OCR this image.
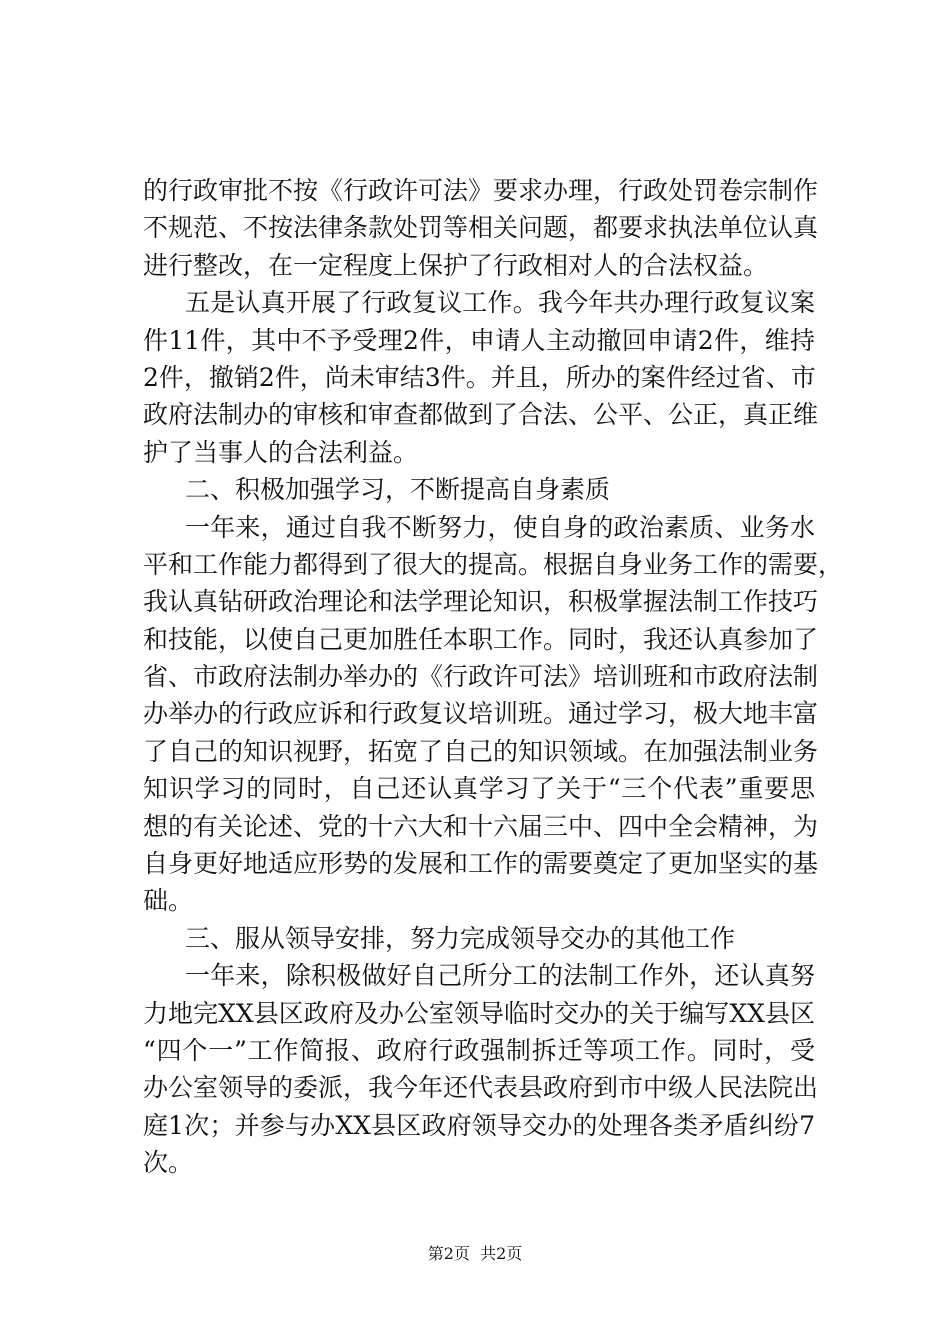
的行政审批不按《行政许可法》要求办理，行政处罚卷宗制作
不规范、不按法律条款处罚等相关问题，都要求执法单位认真
进行整改，在一定程度上保护了行政相对人的合法权益。
五是认真开展了行政复议工作。我今年共办理行政复议案
件11件，其中不予受理2件，申请人主动撤回申请2件，维持
2件，撤销2件，尚未审结3件。并且，所办的案件经过省、市
政府法制办的审核和审查都做到了合法、公平、公正，真正维
护了当事人的合法利益。
二、积极加强学习，不断提高自身素质
一年来，通过自我不断努力，使自身的政治素质、业务水
平和工作能力都得到了很大的提高。根据自身业务工作的需要，
我认真钻研政治理论和法学理论知识，积极掌握法制工作技巧
和技能，以使自己更加胜任本职工作。同时，我还认真参加了
省、市政府法制办举办的《行政许可法》培训班和市政府法制
办举办的行政应诉和行政复议培训班。通过学习，极大地丰富
了自己的知识视野，拓宽了自己的知识领域。在加强法制业务
知识学习的同时，自己还认真学习了关于“三个代表”重要思
想的有关论述、党的十六大和十六届三中、四中全会精神，为
自身更好地适应形势的发展和工作的需要奠定了更加坚实的基
础。
三、服从领导安排，努力完成领导交办的其他工作
一年来，除积极做好自己所分工的法制工作外，还认真努
力地完XX县区政府及办公室领导临时交办的关于编写XX县区
“四个一”工作简报、政府行政强制拆迁等项工作。同时，受
办公室领导的委派，我今年还代表县政府到市中级人民法院出
庭1次；并参与办XX县区政府领导交办的处理各类矛盾纠纷7
次。
第2页  共2页
